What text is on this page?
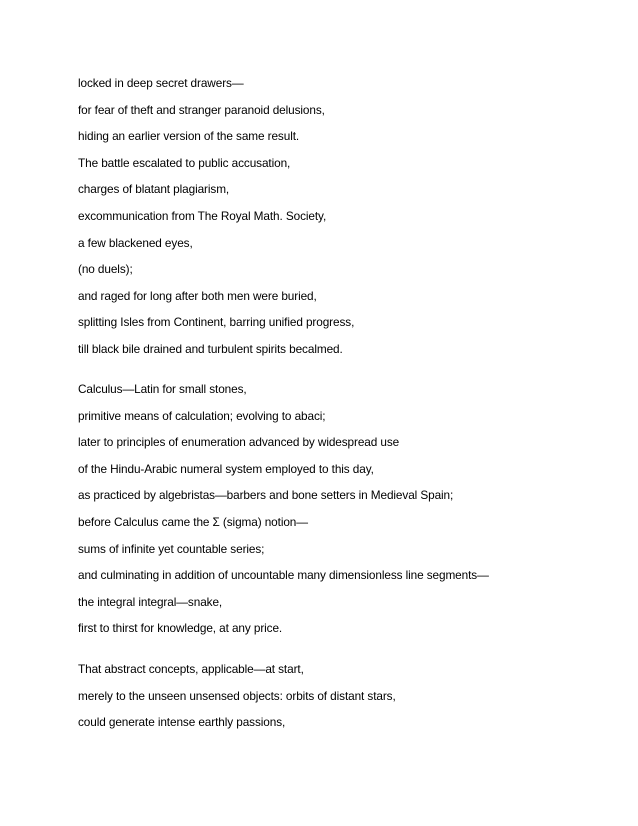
locked in deep secret drawers—
for fear of theft and stranger paranoid delusions,
hiding an earlier version of the same result.
The battle escalated to public accusation,
charges of blatant plagiarism,
excommunication from The Royal Math. Society,
a few blackened eyes,
(no duels);
and raged for long after both men were buried,
splitting Isles from Continent, barring unified progress,
till black bile drained and turbulent spirits becalmed.
Calculus—Latin for small stones,
primitive means of calculation; evolving to abaci;
later to principles of enumeration advanced by widespread use
of the Hindu-Arabic numeral system employed to this day,
as practiced by algebristas—barbers and bone setters in Medieval Spain;
before Calculus came the Σ (sigma) notion—
sums of infinite yet countable series;
and culminating in addition of uncountable many dimensionless line segments—
the integral integral—snake,
first to thirst for knowledge, at any price.
That abstract concepts, applicable—at start,
merely to the unseen unsensed objects: orbits of distant stars,
could generate intense earthly passions,
